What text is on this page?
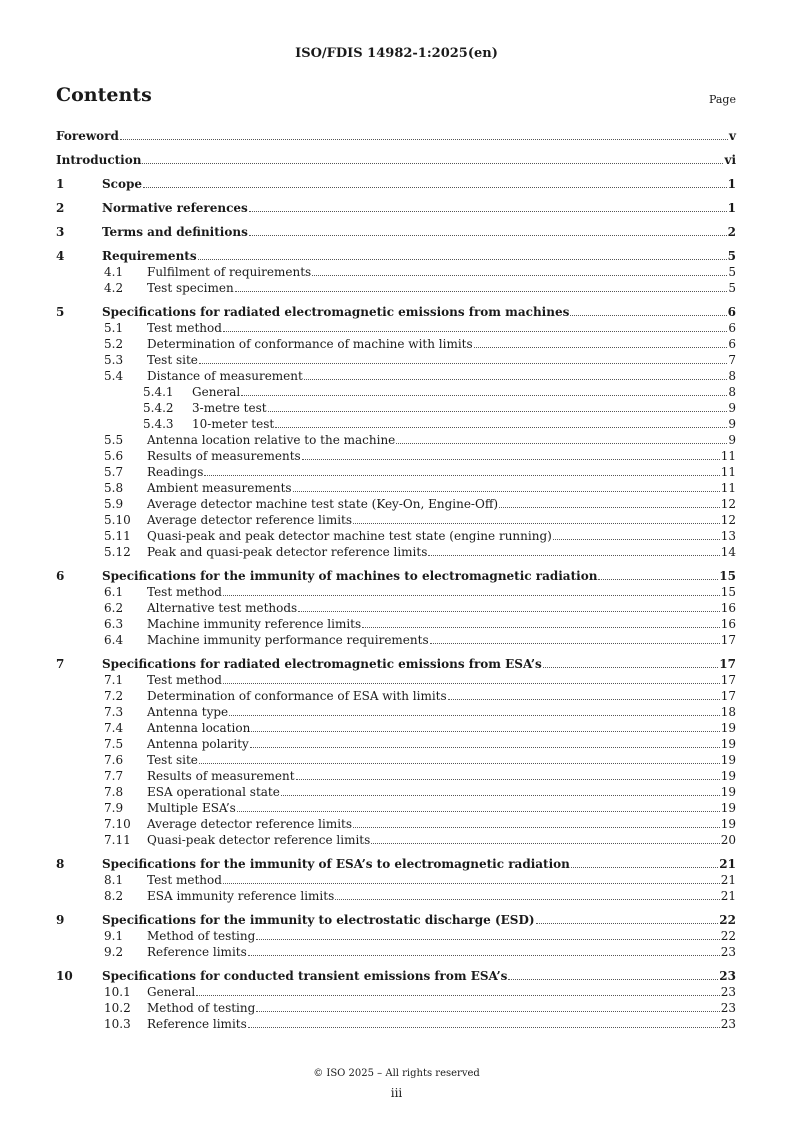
ISO/FDIS 14982-1:2025(en)
Contents	Page
Foreword	v
Introduction	vi
1	Scope	1
2	Normative references	1
3	Terms and definitions	2
4	Requirements	5
4.1 Fulfilment of requirements	5
4.2 Test specimen	5
5	Specifications for radiated electromagnetic emissions from machines	6
5.1 Test method	6
5.2 Determination of conformance of machine with limits	6
5.3 Test site	7
5.4 Distance of measurement	8
5.4.1 General	8
5.4.2 3-metre test	9
5.4.3 10-meter test	9
5.5 Antenna location relative to the machine	9
5.6 Results of measurements	11
5.7 Readings	11
5.8 Ambient measurements	11
5.9 Average detector machine test state (Key-On, Engine-Off)	12
5.10 Average detector reference limits	12
5.11 Quasi-peak and peak detector machine test state (engine running)	13
5.12 Peak and quasi-peak detector reference limits	14
6	Specifications for the immunity of machines to electromagnetic radiation	15
6.1 Test method	15
6.2 Alternative test methods	16
6.3 Machine immunity reference limits	16
6.4 Machine immunity performance requirements	17
7	Specifications for radiated electromagnetic emissions from ESA’s	17
7.1 Test method	17
7.2 Determination of conformance of ESA with limits	17
7.3 Antenna type	18
7.4 Antenna location	19
7.5 Antenna polarity	19
7.6 Test site	19
7.7 Results of measurement	19
7.8 ESA operational state	19
7.9 Multiple ESA’s	19
7.10 Average detector reference limits	19
7.11 Quasi-peak detector reference limits	20
8	Specifications for the immunity of ESA’s to electromagnetic radiation	21
8.1 Test method	21
8.2 ESA immunity reference limits	21
9	Specifications for the immunity to electrostatic discharge (ESD)	22
9.1 Method of testing	22
9.2 Reference limits	23
10 Specifications for conducted transient emissions from ESA’s	23
10.1 General	23
10.2 Method of testing	23
10.3 Reference limits	23
© ISO 2025 – All rights reserved
iii
